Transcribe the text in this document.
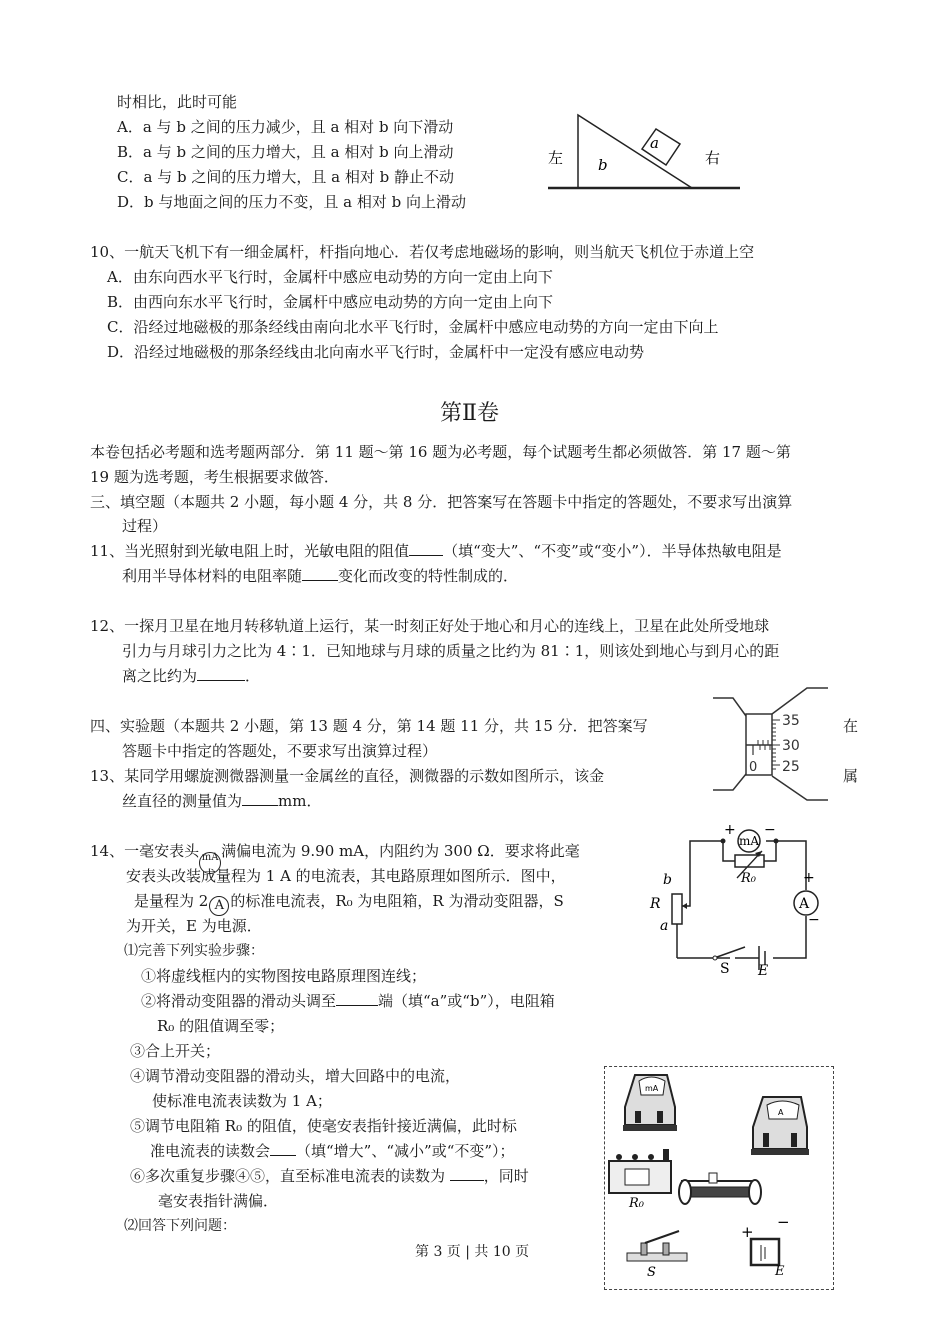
时相比，此时可能
A．a 与 b 之间的压力减少，且 a 相对 b 向下滑动
B．a 与 b 之间的压力增大，且 a 相对 b 向上滑动
C．a 与 b 之间的压力增大，且 a 相对 b 静止不动
D．b 与地面之间的压力不变，且 a 相对 b 向上滑动
a
b
左	右
10、一航天飞机下有一细金属杆，杆指向地心．若仅考虑地磁场的影响，则当航天飞机位于赤道上空
A．由东向西水平飞行时，金属杆中感应电动势的方向一定由上向下
B．由西向东水平飞行时，金属杆中感应电动势的方向一定由上向下
C．沿经过地磁极的那条经线由南向北水平飞行时，金属杆中感应电动势的方向一定由下向上
D．沿经过地磁极的那条经线由北向南水平飞行时，金属杆中一定没有感应电动势
第Ⅱ卷
本卷包括必考题和选考题两部分．第 11 题～第 16 题为必考题，每个试题考生都必须做答．第 17 题～第
19 题为选考题，考生根据要求做答．
三、填空题（本题共 2 小题，每小题 4 分，共 8 分．把答案写在答题卡中指定的答题处，不要求写出演算
过程）
11、当光照射到光敏电阻上时，光敏电阻的阻值 （填“变大”、“不变”或“变小”）．半导体热敏电阻是
利用半导体材料的电阻率随 变化而改变的特性制成的．
12、一探月卫星在地月转移轨道上运行，某一时刻正好处于地心和月心的连线上，卫星在此处所受地球
引力与月球引力之比为 4∶1．已知地球与月球的质量之比约为 81∶1，则该处到地心与到月心的距
离之比约为	．
四、实验题（本题共 2 小题，第 13 题 4 分，第 14 题 11 分，共 15 分．把答案写	在
答题卡中指定的答题处，不要求写出演算过程）
13、某同学用螺旋测微器测量一金属丝的直径，测微器的示数如图所示，该金	属
丝直径的测量值为 mm．
35
30
25
0
14、一毫安表头 mA 满偏电流为 9.90 mA，内阻约为 300 Ω．要求将此毫
安表头改装成量程为 1 A 的电流表，其电路原理如图所示．图中，
是量程为 2 A 的标准电流表，R₀ 为电阻箱，R 为滑动变阻器，S
为开关，E 为电源．
⑴完善下列实验步骤：
①将虚线框内的实物图按电路原理图连线；
②将滑动变阻器的滑动头调至	端（填“a”或“b”），电阻箱
R₀ 的阻值调至零；
③合上开关；
④调节滑动变阻器的滑动头，增大回路中的电流，
使标准电流表读数为 1 A；
⑤调节电阻箱 R₀ 的阻值，使毫安表指针接近满偏，此时标
准电流表的读数会 （填“增大”、“减小”或“不变”）；
⑥多次重复步骤④⑤，直至标准电流表的读数为	，同时
毫安表指针满偏．
⑵回答下列问题：
mA
R₀
A
b
R
a
S E
+ −
+
−
mA
A
R₀
S
+
−
E
第 3 页 | 共 10 页
